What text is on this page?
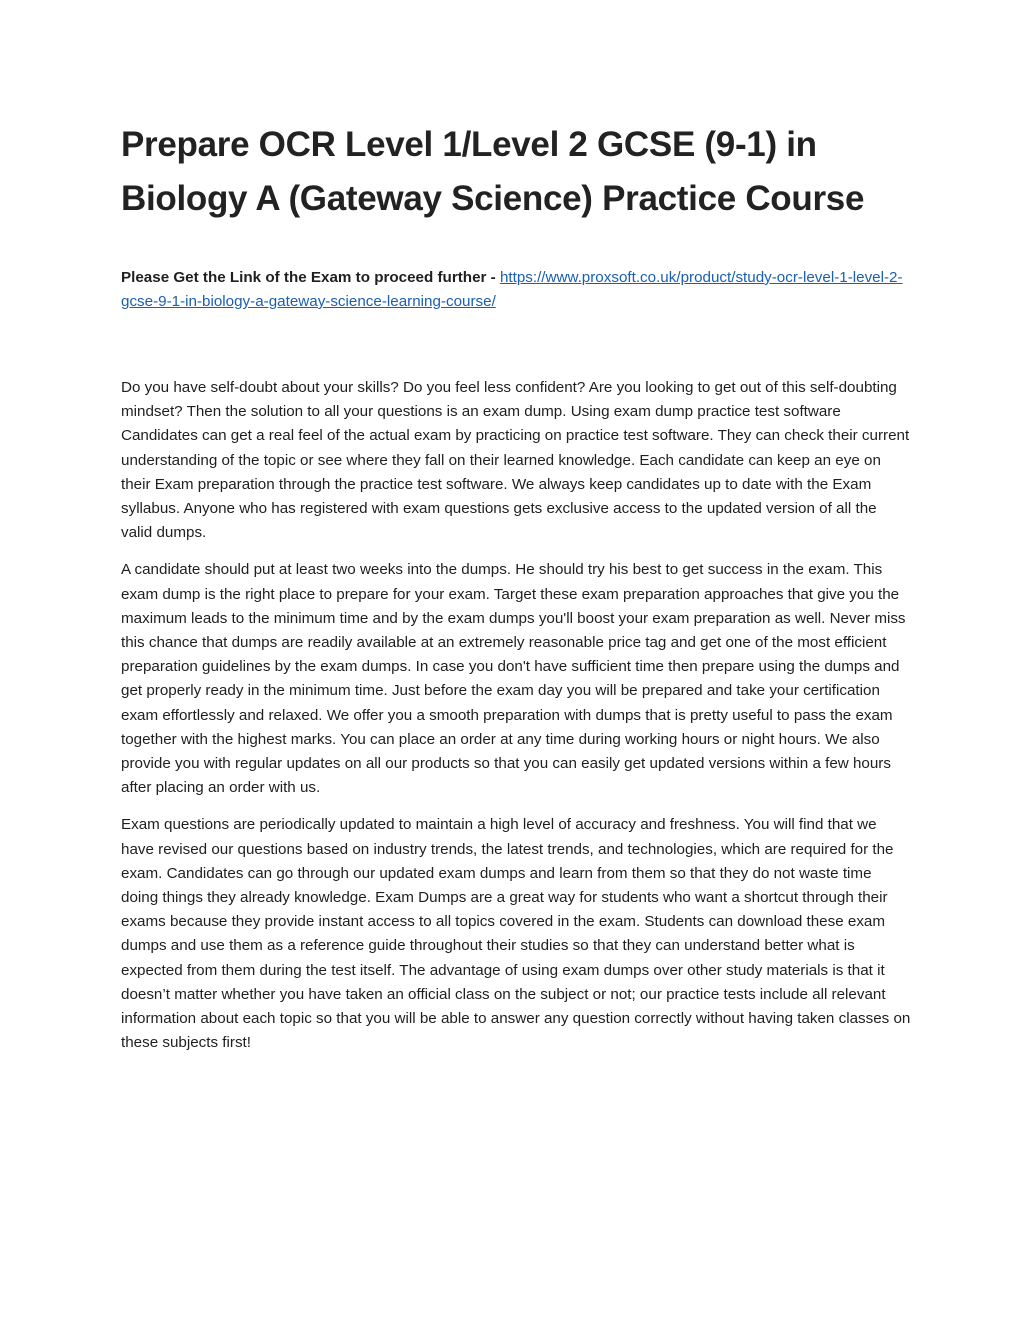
Prepare OCR Level 1/Level 2 GCSE (9-1) in Biology A (Gateway Science) Practice Course

Please Get the Link of the Exam to proceed further - https://www.proxsoft.co.uk/product/study-ocr-level-1-level-2-gcse-9-1-in-biology-a-gateway-science-learning-course/

Do you have self-doubt about your skills? Do you feel less confident? Are you looking to get out of this self-doubting mindset? Then the solution to all your questions is an exam dump. Using exam dump practice test software Candidates can get a real feel of the actual exam by practicing on practice test software. They can check their current understanding of the topic or see where they fall on their learned knowledge. Each candidate can keep an eye on their Exam preparation through the practice test software. We always keep candidates up to date with the Exam syllabus. Anyone who has registered with exam questions gets exclusive access to the updated version of all the valid dumps.

A candidate should put at least two weeks into the dumps. He should try his best to get success in the exam. This exam dump is the right place to prepare for your exam. Target these exam preparation approaches that give you the maximum leads to the minimum time and by the exam dumps you'll boost your exam preparation as well. Never miss this chance that dumps are readily available at an extremely reasonable price tag and get one of the most efficient preparation guidelines by the exam dumps. In case you don't have sufficient time then prepare using the dumps and get properly ready in the minimum time. Just before the exam day you will be prepared and take your certification exam effortlessly and relaxed. We offer you a smooth preparation with dumps that is pretty useful to pass the exam together with the highest marks. You can place an order at any time during working hours or night hours. We also provide you with regular updates on all our products so that you can easily get updated versions within a few hours after placing an order with us.

Exam questions are periodically updated to maintain a high level of accuracy and freshness. You will find that we have revised our questions based on industry trends, the latest trends, and technologies, which are required for the exam. Candidates can go through our updated exam dumps and learn from them so that they do not waste time doing things they already knowledge. Exam Dumps are a great way for students who want a shortcut through their exams because they provide instant access to all topics covered in the exam. Students can download these exam dumps and use them as a reference guide throughout their studies so that they can understand better what is expected from them during the test itself. The advantage of using exam dumps over other study materials is that it doesn’t matter whether you have taken an official class on the subject or not; our practice tests include all relevant information about each topic so that you will be able to answer any question correctly without having taken classes on these subjects first!
